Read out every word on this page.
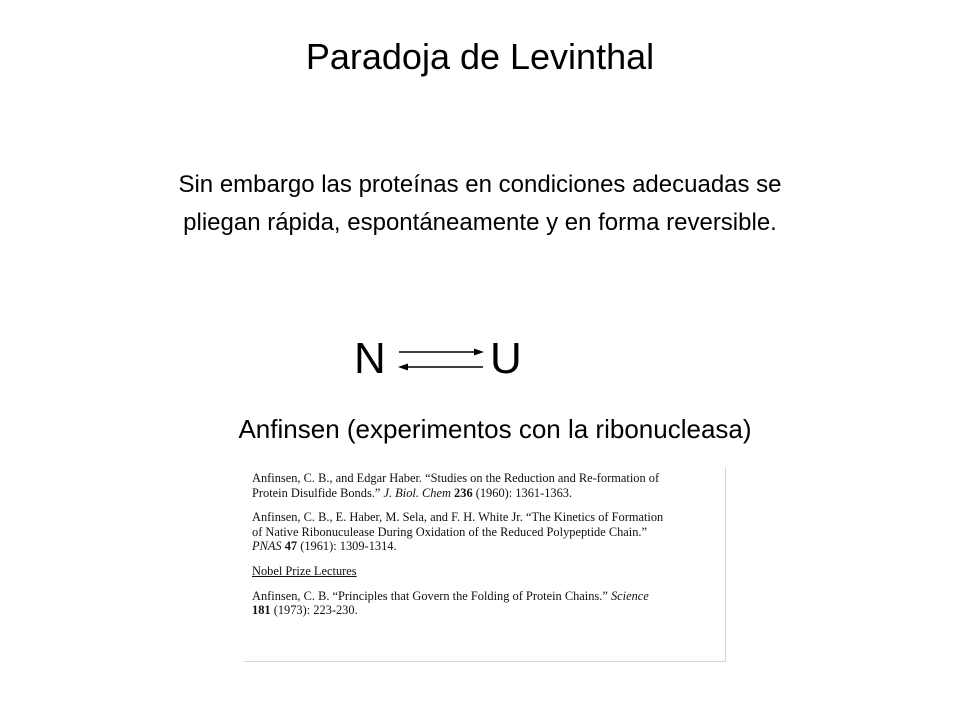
Paradoja de Levinthal
Sin embargo las proteínas en condiciones adecuadas se
pliegan rápida, espontáneamente y en forma reversible.
N U
Anfinsen (experimentos con la ribonucleasa)
Anfinsen, C. B., and Edgar Haber. “Studies on the Reduction and Re-formation of
Protein Disulfide Bonds.” J. Biol. Chem 236 (1960): 1361-1363.
Anfinsen, C. B., E. Haber, M. Sela, and F. H. White Jr. “The Kinetics of Formation
of Native Ribonuculease During Oxidation of the Reduced Polypeptide Chain.”
PNAS 47 (1961): 1309-1314.
Nobel Prize Lectures
Anfinsen, C. B. “Principles that Govern the Folding of Protein Chains.” Science
181 (1973): 223-230.
